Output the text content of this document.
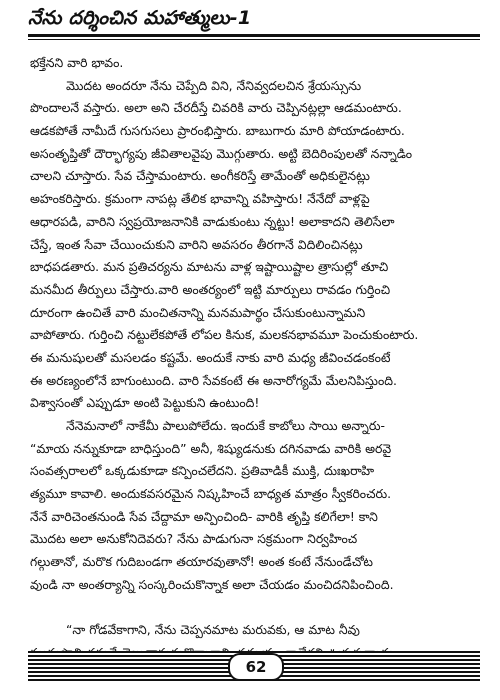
నేను దర్శించిన మహాత్ములు-1
భక్తేనని వారి భావం.
మొదట అందరూ నేను చెప్పేది విని, నేనివ్వదలచిన శ్రేయస్సును
పొందాలనే వస్తారు. అలా అని చేరదీస్తే చివరికి వారు చెప్పినట్లల్లా ఆడమంటారు.
ఆడకపోతే నామీదే గుసగుసలు ప్రారంభిస్తారు. బాబుగారు మారి పోయాడంటారు.
అసంతృప్తితో దౌర్భాగ్యపు జీవితాలవైపు మొగ్గుతారు. అట్టి బెదిరింపులతో నన్నాడిం
చాలని చూస్తారు. సేవ చేస్తామంటారు. అంగీకరిస్తే తామేంతో అధికులైనట్లు
అహంకరిస్తారు. క్రమంగా నాపట్ల తేలిక భావాన్ని వహిస్తారు! నేనేదో వాళ్లపై
ఆధారపడి, వారిని స్వప్రయోజనానికి వాడుకుంటు న్నట్టు! అలాకాదని తెలిసేలా
చేస్తే, ఇంత సేవా చేయించుకుని వారిని అవసరం తీరగానే విదిలించినట్లు
బాధపడతారు. మన ప్రతిచర్యను మాటను వాళ్ల ఇష్టాయిష్టాల త్రాసుల్లో తూచి
మనమీద తీర్పులు చేస్తారు.వారి అంతర్యంలో ఇట్టి మార్పులు రావడం గుర్తించి
దూరంగా ఉంచితే వారి మంచితనాన్ని మనమపార్థం చేసుకుంటున్నామని
వాపోతారు. గుర్తించి నట్టులేకపోతే లోపల కినుక, మలకనభావమూ పెంచుకుంటారు.
ఈ మనుషులతో మసలడం కష్టమే. అందుకే నాకు వారి మధ్య జీవించడంకంటే
ఈ అరణ్యంలోనే బాగుంటుంది. వారి సేవకంటే ఈ అనారోగ్యమే మేలనిపిస్తుంది.
విశ్వాసంతో ఎప్పుడూ అంటి పెట్టుకుని ఉంటుంది!
నేనెమనాలో నాకేమీ పాలుపోలేదు. ఇందుకే కాబోలు సాయి అన్నారు-
“మాయ నన్నుకూడా బాధిస్తుంది” అనీ, శిష్యుడనుకు దగినవాడు వారికి అరవై
సంవత్సరాలలో ఒక్కడుకూడా కన్పించలేదని. ప్రతివాడికీ ముక్తి, దుఃఖరాహి
త్యమూ కావాలి. అందుకవసరమైన నిష్కహించే బాధ్యత మాత్రం స్వీకరించరు.
నేనే వారిచెంతనుండి సేవ చేద్దామా అన్పించింది- వారికి తృప్తి కలిగేలా! కాని
మొదట అలా అనుకోనిదెవరు? నేను పాడుగునా సక్రమంగా నిర్వహించ
గల్గుతానో, మరొక గుదిబండగా తయారవుతానో! అంత కంటే నేనుండేచోట
వుండి నా అంతర్యాన్ని సంస్కరించుకొన్నాక అలా చేయడం మంచిదనిపించింది.
“నా గోడవేకాగాని, నేను చెప్పనమాట మరువకు, ఆ మాట నీవు
62
